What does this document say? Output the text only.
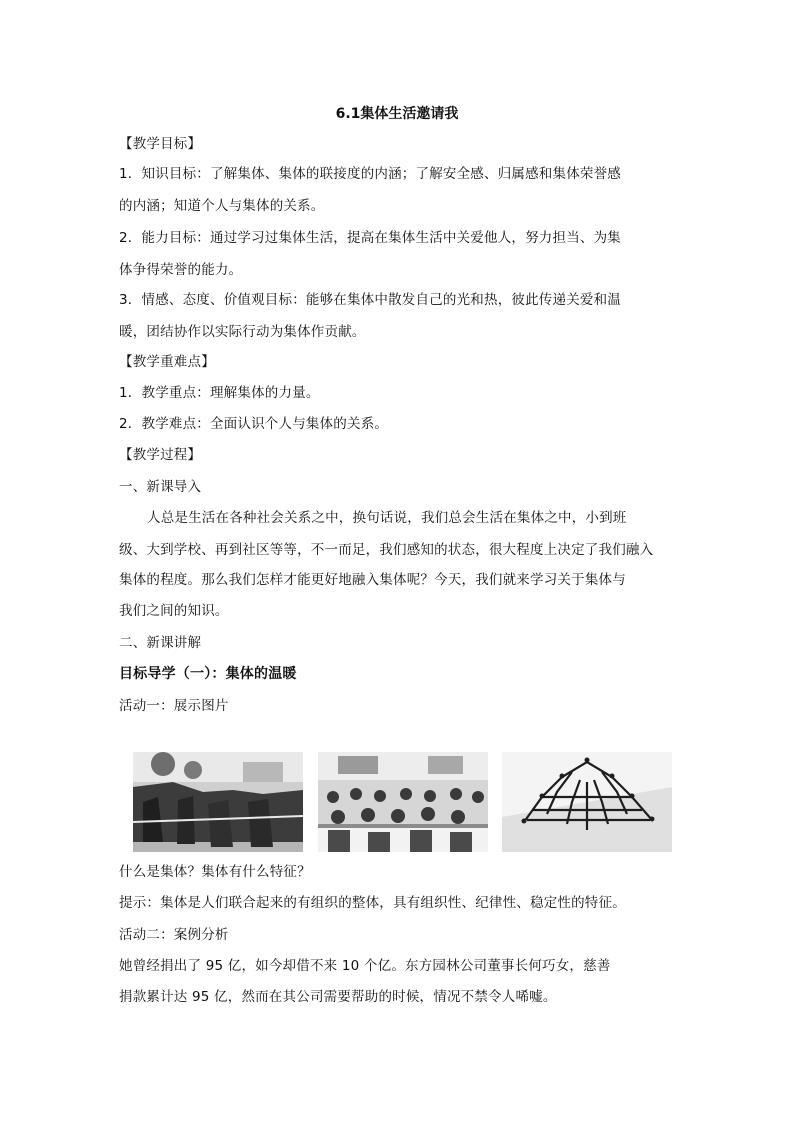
6.1集体生活邀请我
【教学目标】
1．知识目标：了解集体、集体的联接度的内涵；了解安全感、归属感和集体荣誉感
的内涵；知道个人与集体的关系。
2．能力目标：通过学习过集体生活，提高在集体生活中关爱他人，努力担当、为集
体争得荣誉的能力。
3．情感、态度、价值观目标：能够在集体中散发自己的光和热，彼此传递关爱和温
暖，团结协作以实际行动为集体作贡献。
【教学重难点】
1．教学重点：理解集体的力量。
2．教学难点：全面认识个人与集体的关系。
【教学过程】
一、新课导入
人总是生活在各种社会关系之中，换句话说，我们总会生活在集体之中，小到班
级、大到学校、再到社区等等，不一而足，我们感知的状态，很大程度上决定了我们融入
集体的程度。那么我们怎样才能更好地融入集体呢？今天，我们就来学习关于集体与
我们之间的知识。
二、新课讲解
目标导学（一）：集体的温暖
活动一：展示图片
什么是集体？集体有什么特征？
提示：集体是人们联合起来的有组织的整体，具有组织性、纪律性、稳定性的特征。
活动二：案例分析
她曾经捐出了 95 亿，如今却借不来 10 个亿。东方园林公司董事长何巧女，慈善
捐款累计达 95 亿，然而在其公司需要帮助的时候，情况不禁令人唏嘘。
